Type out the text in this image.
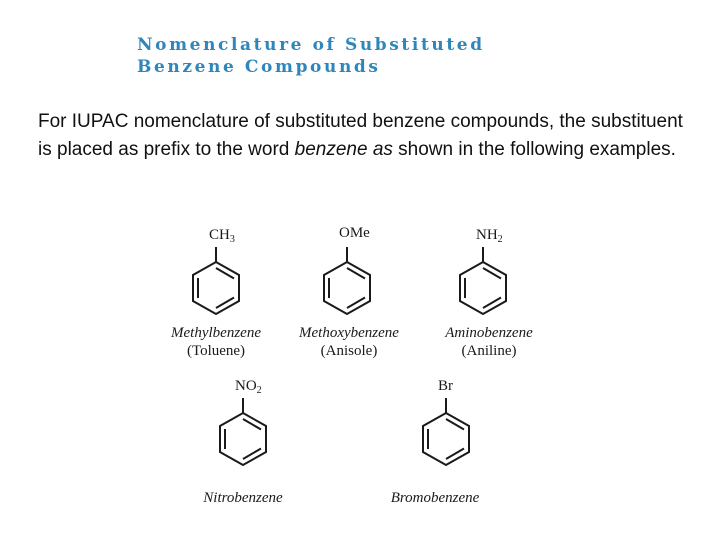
Nomenclature of Substituted
Benzene Compounds

For IUPAC nomenclature of substituted benzene compounds, the substituent is placed as prefix to the word benzene as shown in the following examples.

$CH_3$
Methylbenzene
(Toluene)
OMe
Methoxybenzene
(Anisole)
$NH_2$
Aminobenzene
(Aniline)
$NO_2$
Nitrobenzene
Br
Bromobenzene
